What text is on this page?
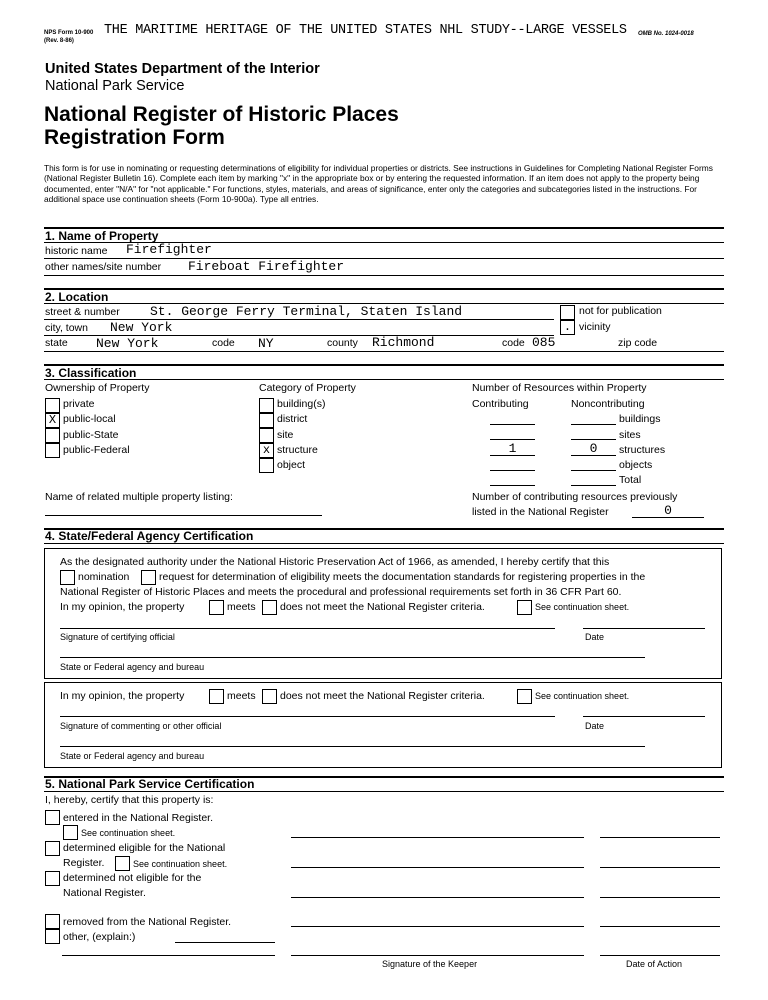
NPS Form 10-900
(Rev. 8-86)
THE MARITIME HERITAGE OF THE UNITED STATES NHL STUDY--LARGE VESSELS OMB No. 1024-0018
United States Department of the Interior
National Park Service
National Register of Historic Places
Registration Form
This form is for use in nominating or requesting determinations of eligibility for individual properties or districts. See instructions in Guidelines for Completing National Register Forms (National Register Bulletin 16). Complete each item by marking "x" in the appropriate box or by entering the requested information. If an item does not apply to the property being documented, enter "N/A" for "not applicable." For functions, styles, materials, and areas of significance, enter only the categories and subcategories listed in the instructions. For additional space use continuation sheets (Form 10-900a). Type all entries.
1. Name of Property
historic name Firefighter
other names/site number Fireboat Firefighter
2. Location
street & number St. George Ferry Terminal, Staten Island	not for publication
city, town New York	. vicinity
state New York	code NY	county Richmond	code 085	zip code
3. Classification
Ownership of Property
private
X public-local
public-State
public-Federal
Category of Property
building(s)
district
site
x structure
object
Number of Resources within Property
Contributing	Noncontributing
buildings
sites
1	0	structures
objects
Total
Name of related multiple property listing:	Number of contributing resources previously
listed in the National Register	0
4. State/Federal Agency Certification
As the designated authority under the National Historic Preservation Act of 1966, as amended, I hereby certify that this
nomination	request for determination of eligibility meets the documentation standards for registering properties in the
National Register of Historic Places and meets the procedural and professional requirements set forth in 36 CFR Part 60.
In my opinion, the property	meets does not meet the National Register criteria.	See continuation sheet.
Signature of certifying official	Date
State or Federal agency and bureau
In my opinion, the property	meets does not meet the National Register criteria.	See continuation sheet.
Signature of commenting or other official	Date
State or Federal agency and bureau
5. National Park Service Certification
I, hereby, certify that this property is:
entered in the National Register.
See continuation sheet.
determined eligible for the National
Register.	See continuation sheet.
determined not eligible for the
National Register.
removed from the National Register.
other, (explain:)
Signature of the Keeper	Date of Action
